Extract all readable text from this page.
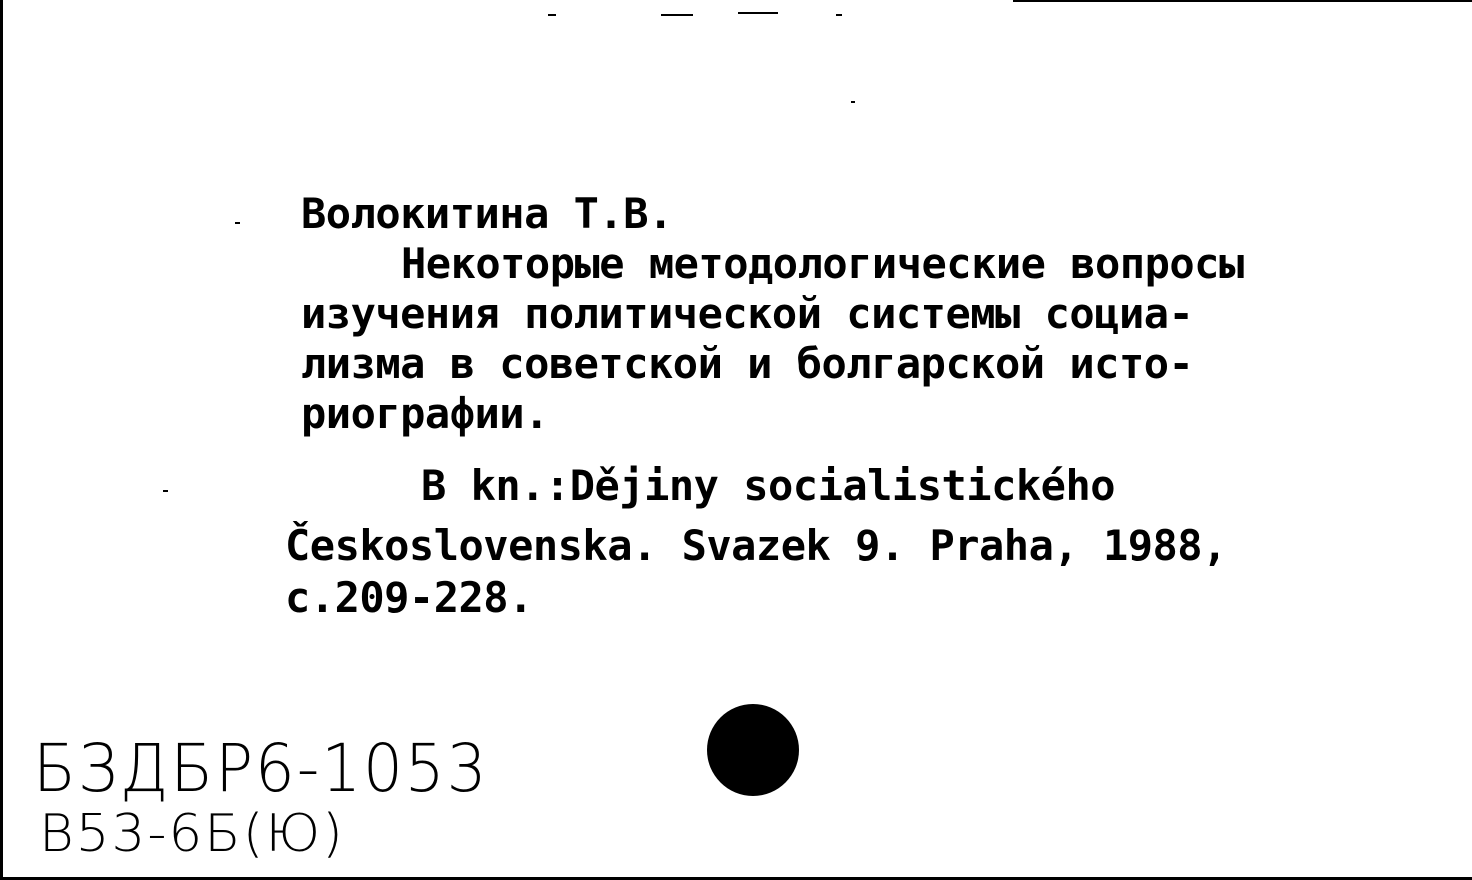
Волокитина Т.В.
Некоторые методологические вопросы
изучения политической системы социа-
лизма в советской и болгарской исто-
риографии.
В kn.:Dějiny socialistického
Československa. Svazek 9. Praha, 1988,
с.209-228.
БЗДБР6-1053
В53-6Б(Ю)
